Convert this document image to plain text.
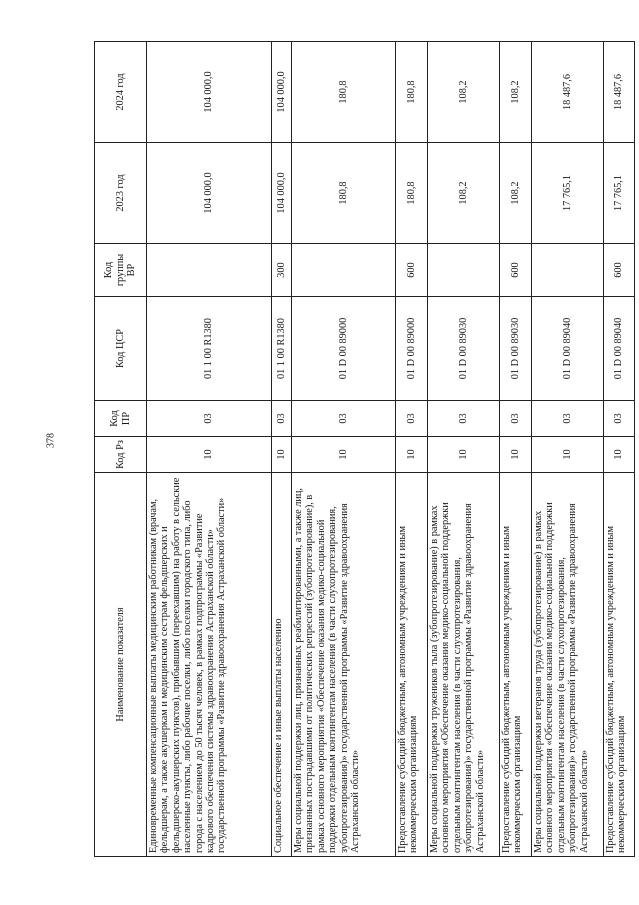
378
Наименование показателя	Код Рз	Код ПР	Код ЦСР	Код группы ВР	2023 год	2024 год
Единовременные компенсационные выплаты медицинским работникам (врачам, фельдшерам, а также акушеркам и медицинским сестрам фельдшерских и фельдшерско-акушерских пунктов), прибывшим (переехавшим) на работу в сельские населенные пункты, либо рабочие поселки, либо поселки городского типа, либо города с населением до 50 тысяч человек, в рамках подпрограммы «Развитие кадрового обеспечения системы здравоохранения Астраханской области» государственной программы «Развитие здравоохранения Астраханской области»	10	03	01 1 00 R1380		104 000,0	104 000,0
Социальное обеспечение и иные выплаты населению	10	03	01 1 00 R1380	300	104 000,0	104 000,0
Меры социальной поддержки лиц, признанных реабилитированными, а также лиц, признанных пострадавшими от политических репрессий (зубопротезирование), в рамках основного мероприятия «Обеспечение оказания медико-социальной поддержки отдельным контингентам населения (в части слухопротезирования, зубопротезирования)» государственной программы «Развитие здравоохранения Астраханской области»	10	03	01 D 00 89000		180,8	180,8
Предоставление субсидий бюджетным, автономным учреждениям и иным некоммерческим организациям	10	03	01 D 00 89000	600	180,8	180,8
Меры социальной поддержки тружеников тыла (зубопротезирование) в рамках основного мероприятия «Обеспечение оказания медико-социальной поддержки отдельным контингентам населения (в части слухопротезирования, зубопротезирования)» государственной программы «Развитие здравоохранения Астраханской области»	10	03	01 D 00 89030		108,2	108,2
Предоставление субсидий бюджетным, автономным учреждениям и иным некоммерческим организациям	10	03	01 D 00 89030	600	108,2	108,2
Меры социальной поддержки ветеранов труда (зубопротезирование) в рамках основного мероприятия «Обеспечение оказания медико-социальной поддержки отдельным контингентам населения (в части слухопротезирования, зубопротезирования)» государственной программы «Развитие здравоохранения Астраханской области»	10	03	01 D 00 89040		17 765,1	18 487,6
Предоставление субсидий бюджетным, автономным учреждениям и иным некоммерческим организациям	10	03	01 D 00 89040	600	17 765,1	18 487,6
